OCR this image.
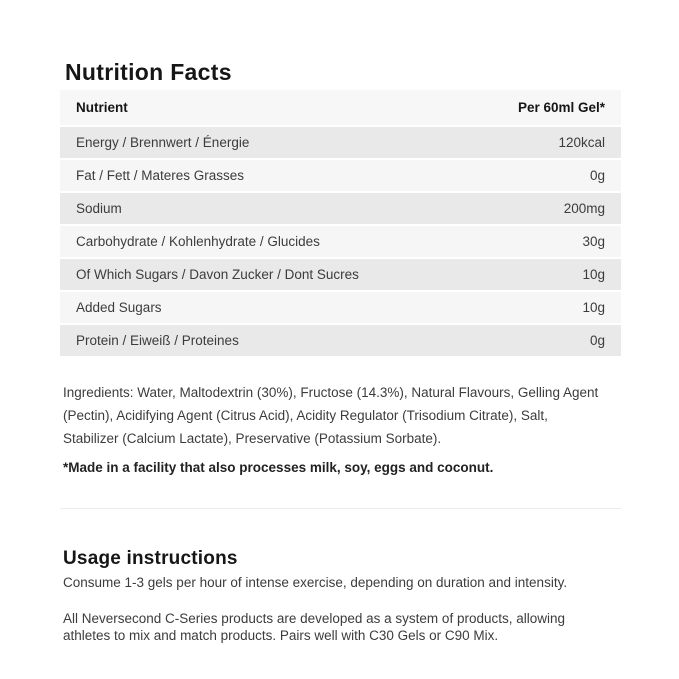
Nutrition Facts
Nutrient	Per 60ml Gel*
Energy / Brennwert / Énergie	120kcal
Fat / Fett / Materes Grasses	0g
Sodium	200mg
Carbohydrate / Kohlenhydrate / Glucides	30g
Of Which Sugars / Davon Zucker / Dont Sucres	10g
Added Sugars	10g
Protein / Eiweiß / Proteines	0g
Ingredients: Water, Maltodextrin (30%), Fructose (14.3%), Natural Flavours, Gelling Agent
(Pectin), Acidifying Agent (Citrus Acid), Acidity Regulator (Trisodium Citrate), Salt,
Stabilizer (Calcium Lactate), Preservative (Potassium Sorbate).
*Made in a facility that also processes milk, soy, eggs and coconut.
Usage instructions
Consume 1-3 gels per hour of intense exercise, depending on duration and intensity.
All Neversecond C-Series products are developed as a system of products, allowing
athletes to mix and match products. Pairs well with C30 Gels or C90 Mix.
